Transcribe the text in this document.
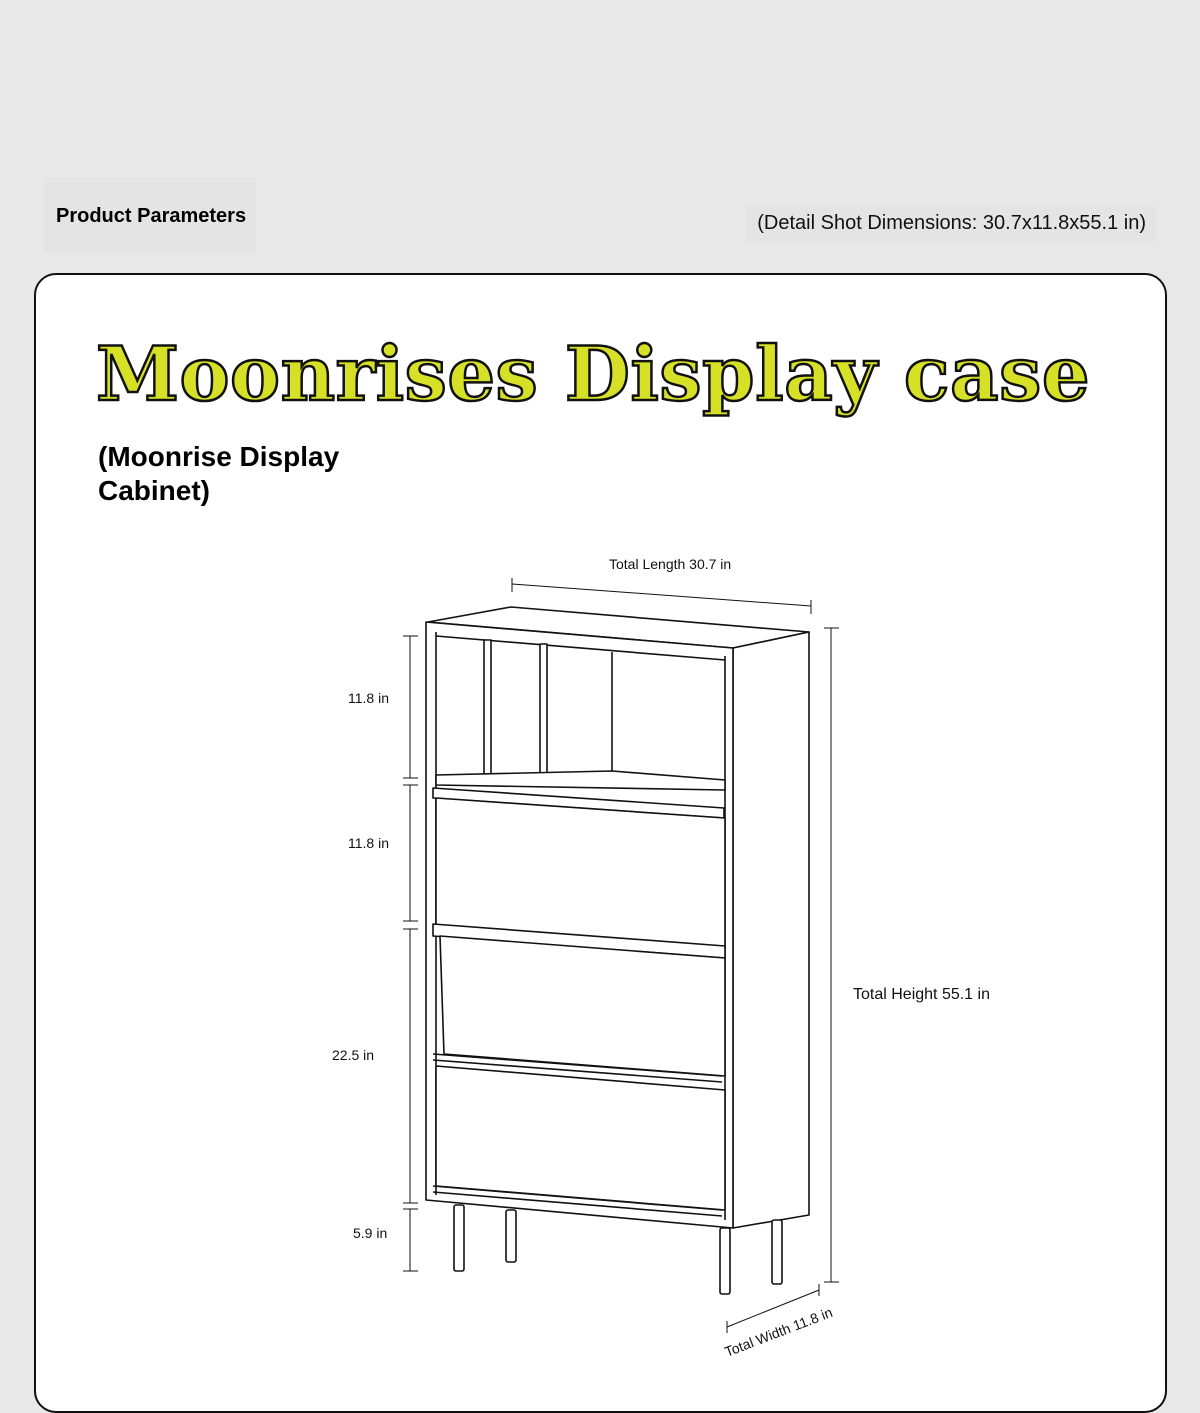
Product Parameters	(Detail Shot Dimensions: 30.7x11.8x55.1 in)
Moonrises Display case
(Moonrise Display Cabinet)
Total Length 30.7 in
11.8 in
11.8 in
22.5 in
5.9 in
Total Height 55.1 in
Total Width 11.8 in
